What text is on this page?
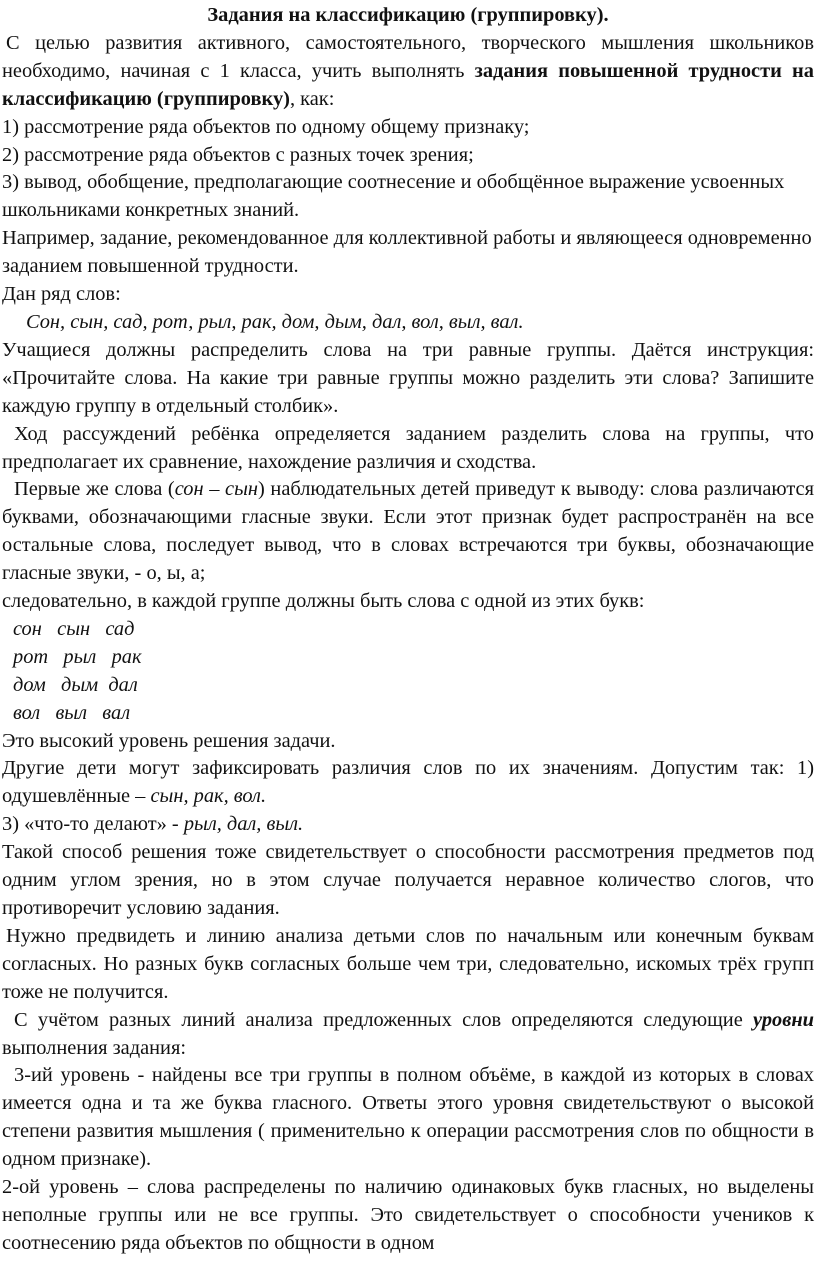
Задания на классификацию (группировку).

С целью развития активного, самостоятельного, творческого мышления школьников необходимо, начиная с 1 класса, учить выполнять задания повышенной трудности на классификацию (группировку), как:

1) рассмотрение ряда объектов по одному общему признаку;

2) рассмотрение ряда объектов с разных точек зрения;

3) вывод, обобщение, предполагающие соотнесение и обобщённое выражение усвоенных школьниками конкретных знаний.

Например, задание, рекомендованное для коллективной работы и являющееся одновременно заданием повышенной трудности.

Дан ряд слов:

Сон, сын, сад, рот, рыл, рак, дом, дым, дал, вол, выл, вал.

Учащиеся должны распределить слова на три равные группы. Даётся инструкция: «Прочитайте слова. На какие три равные группы можно разделить эти слова? Запишите каждую группу в отдельный столбик».

Ход рассуждений ребёнка определяется заданием разделить слова на группы, что предполагает их сравнение, нахождение различия и сходства.

Первые же слова (сон – сын) наблюдательных детей приведут к выводу: слова различаются буквами, обозначающими гласные звуки. Если этот признак будет распространён на все остальные слова, последует вывод, что в словах встречаются три буквы, обозначающие гласные звуки, - о, ы, а;

следовательно, в каждой группе должны быть слова с одной из этих букв:

сон   сын   сад

рот   рыл   рак

дом   дым  дал

вол   выл   вал

Это высокий уровень решения задачи.

Другие дети могут зафиксировать различия слов по их значениям. Допустим так: 1) одушевлённые – сын, рак, вол.

3) «что-то делают» - рыл, дал, выл.

Такой способ решения тоже свидетельствует о способности рассмотрения предметов под одним углом зрения, но в этом случае получается неравное количество слогов, что противоречит условию задания.

Нужно предвидеть и линию анализа детьми слов по начальным или конечным буквам согласных. Но разных букв согласных больше чем три, следовательно, искомых трёх групп тоже не получится.

С учётом разных линий анализа предложенных слов определяются следующие уровни выполнения задания:

3-ий уровень - найдены все три группы в полном объёме, в каждой из которых в словах имеется одна и та же буква гласного. Ответы этого уровня свидетельствуют о высокой степени развития мышления ( применительно к операции рассмотрения слов по общности в одном признаке).

2-ой уровень – слова распределены по наличию одинаковых букв гласных, но выделены неполные группы или не все группы. Это свидетельствует о способности учеников к соотнесению ряда объектов по общности в одном
